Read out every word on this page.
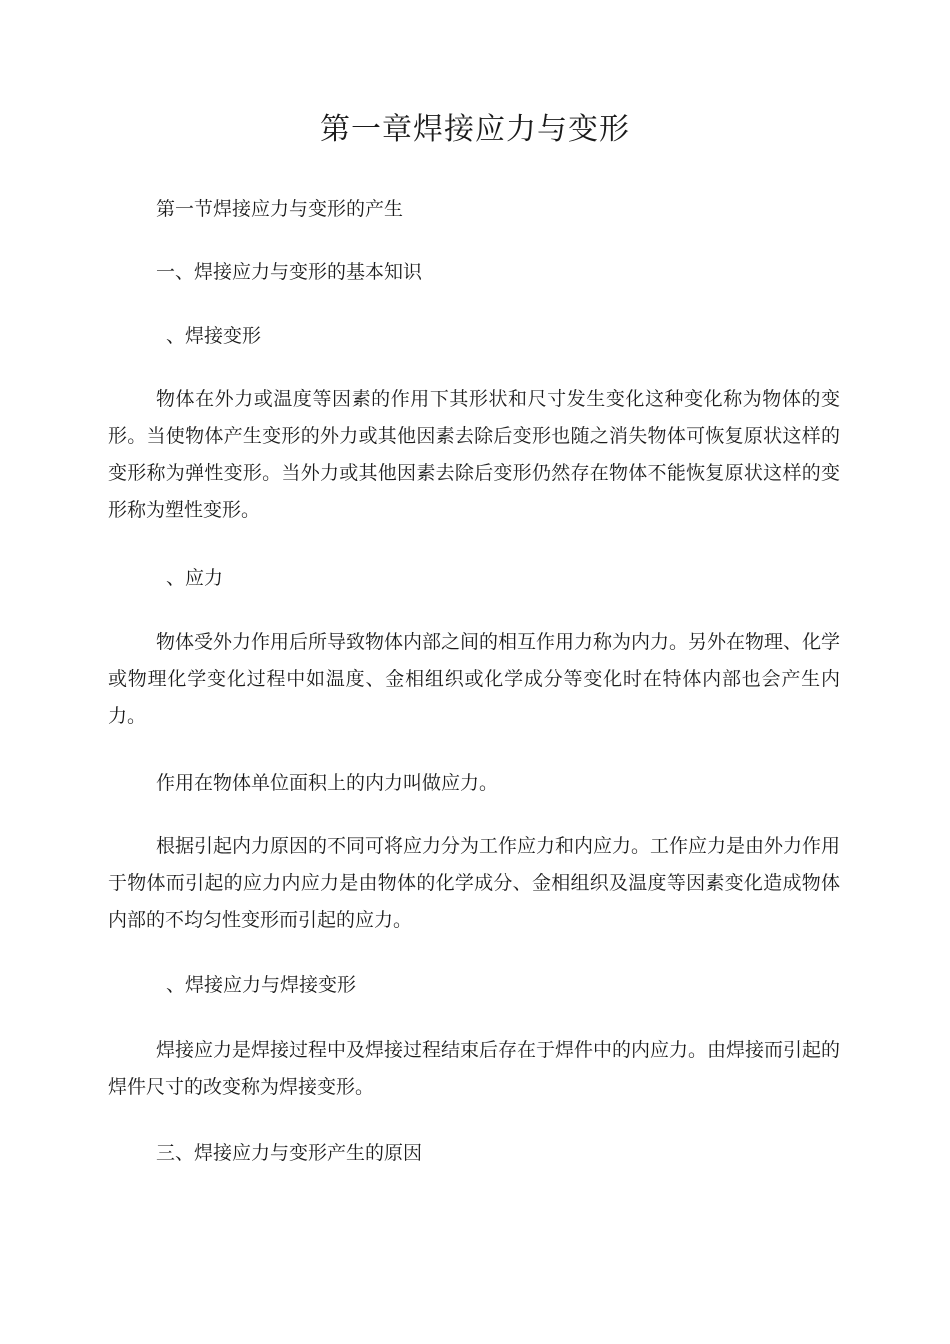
第一章焊接应力与变形

第一节焊接应力与变形的产生

一、焊接应力与变形的基本知识

、焊接变形

物体在外力或温度等因素的作用下其形状和尺寸发生变化这种变化称为物体的变形。当使物体产生变形的外力或其他因素去除后变形也随之消失物体可恢复原状这样的变形称为弹性变形。当外力或其他因素去除后变形仍然存在物体不能恢复原状这样的变形称为塑性变形。

、应力

物体受外力作用后所导致物体内部之间的相互作用力称为内力。另外在物理、化学或物理化学变化过程中如温度、金相组织或化学成分等变化时在特体内部也会产生内力。

作用在物体单位面积上的内力叫做应力。

根据引起内力原因的不同可将应力分为工作应力和内应力。工作应力是由外力作用于物体而引起的应力内应力是由物体的化学成分、金相组织及温度等因素变化造成物体内部的不均匀性变形而引起的应力。

、焊接应力与焊接变形

焊接应力是焊接过程中及焊接过程结束后存在于焊件中的内应力。由焊接而引起的焊件尺寸的改变称为焊接变形。

三、焊接应力与变形产生的原因
